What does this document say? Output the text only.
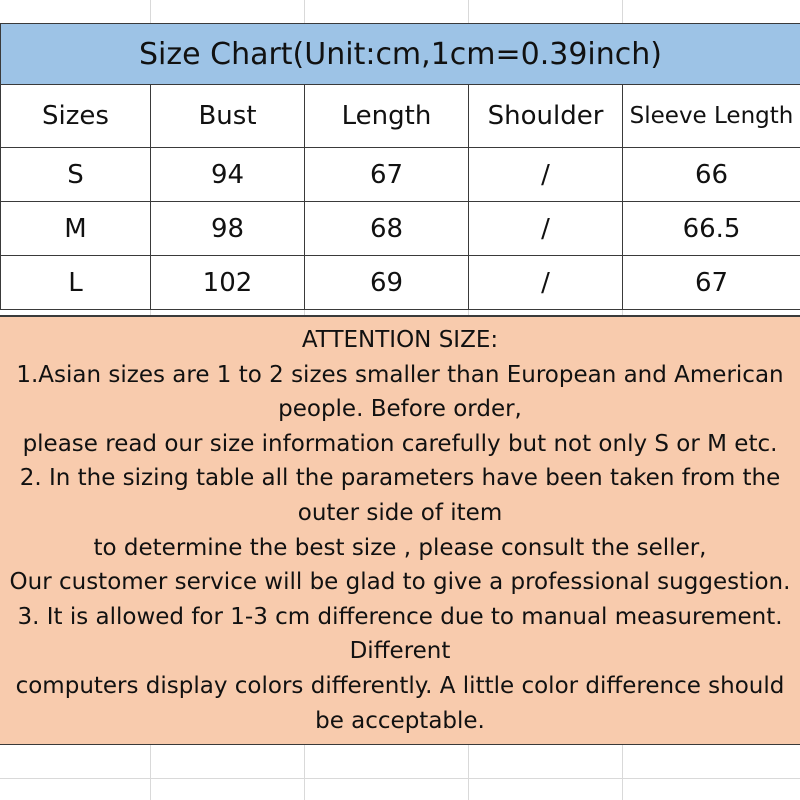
Size Chart(Unit:cm,1cm=0.39inch)				
Sizes	Bust	Length	Shoulder	Sleeve Length
S	94	67	/	66
M	98	68	/	66.5
L	102	69	/	67
ATTENTION SIZE:
1.Asian sizes are 1 to 2 sizes smaller than European and American
people. Before order,
please read our size information carefully but not only S or M etc.
2. In the sizing table all the parameters have been taken from the
outer side of item
to determine the best size , please consult the seller,
Our customer service will be glad to give a professional suggestion.
3. It is allowed for 1-3 cm difference due to manual measurement.
Different
computers display colors differently. A little color difference should
be acceptable.
